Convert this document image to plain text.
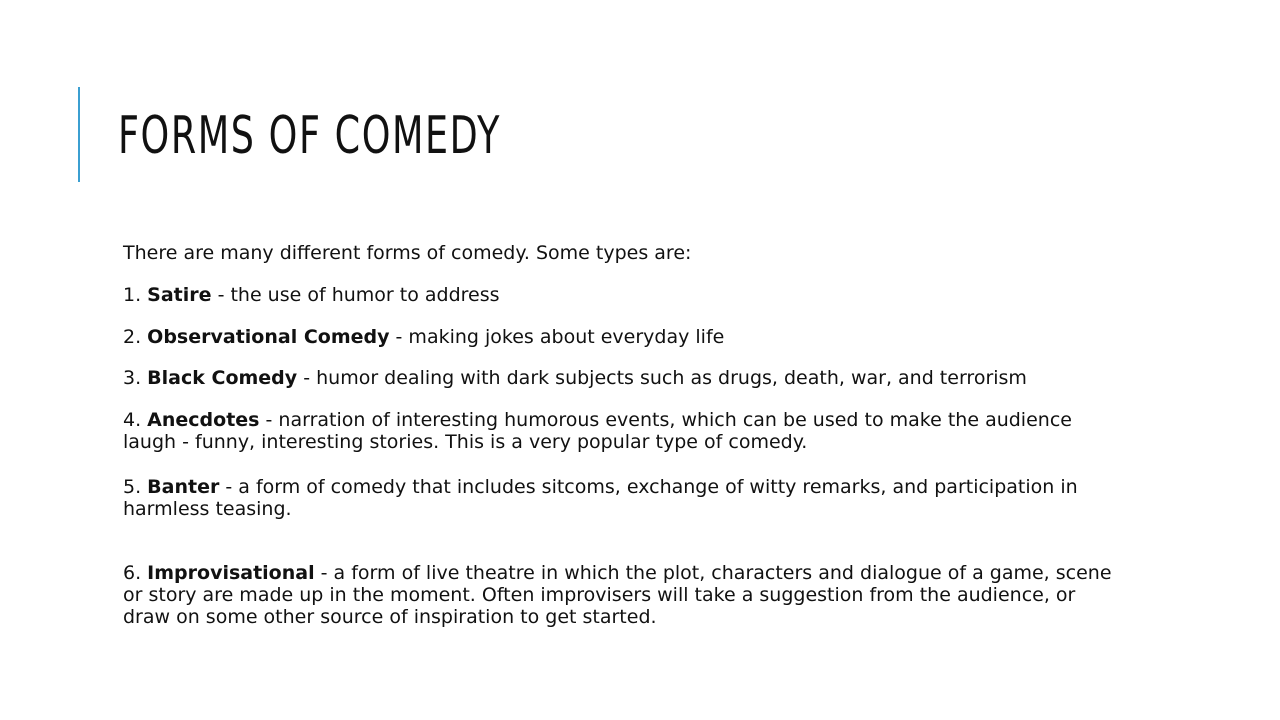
FORMS OF COMEDY

There are many different forms of comedy. Some types are:

1. Satire - the use of humor to address

2. Observational Comedy - making jokes about everyday life

3. Black Comedy - humor dealing with dark subjects such as drugs, death, war, and terrorism

4. Anecdotes - narration of interesting humorous events, which can be used to make the audience laugh - funny, interesting stories. This is a very popular type of comedy.

5. Banter - a form of comedy that includes sitcoms, exchange of witty remarks, and participation in harmless teasing.

6. Improvisational - a form of live theatre in which the plot, characters and dialogue of a game, scene or story are made up in the moment. Often improvisers will take a suggestion from the audience, or draw on some other source of inspiration to get started.
